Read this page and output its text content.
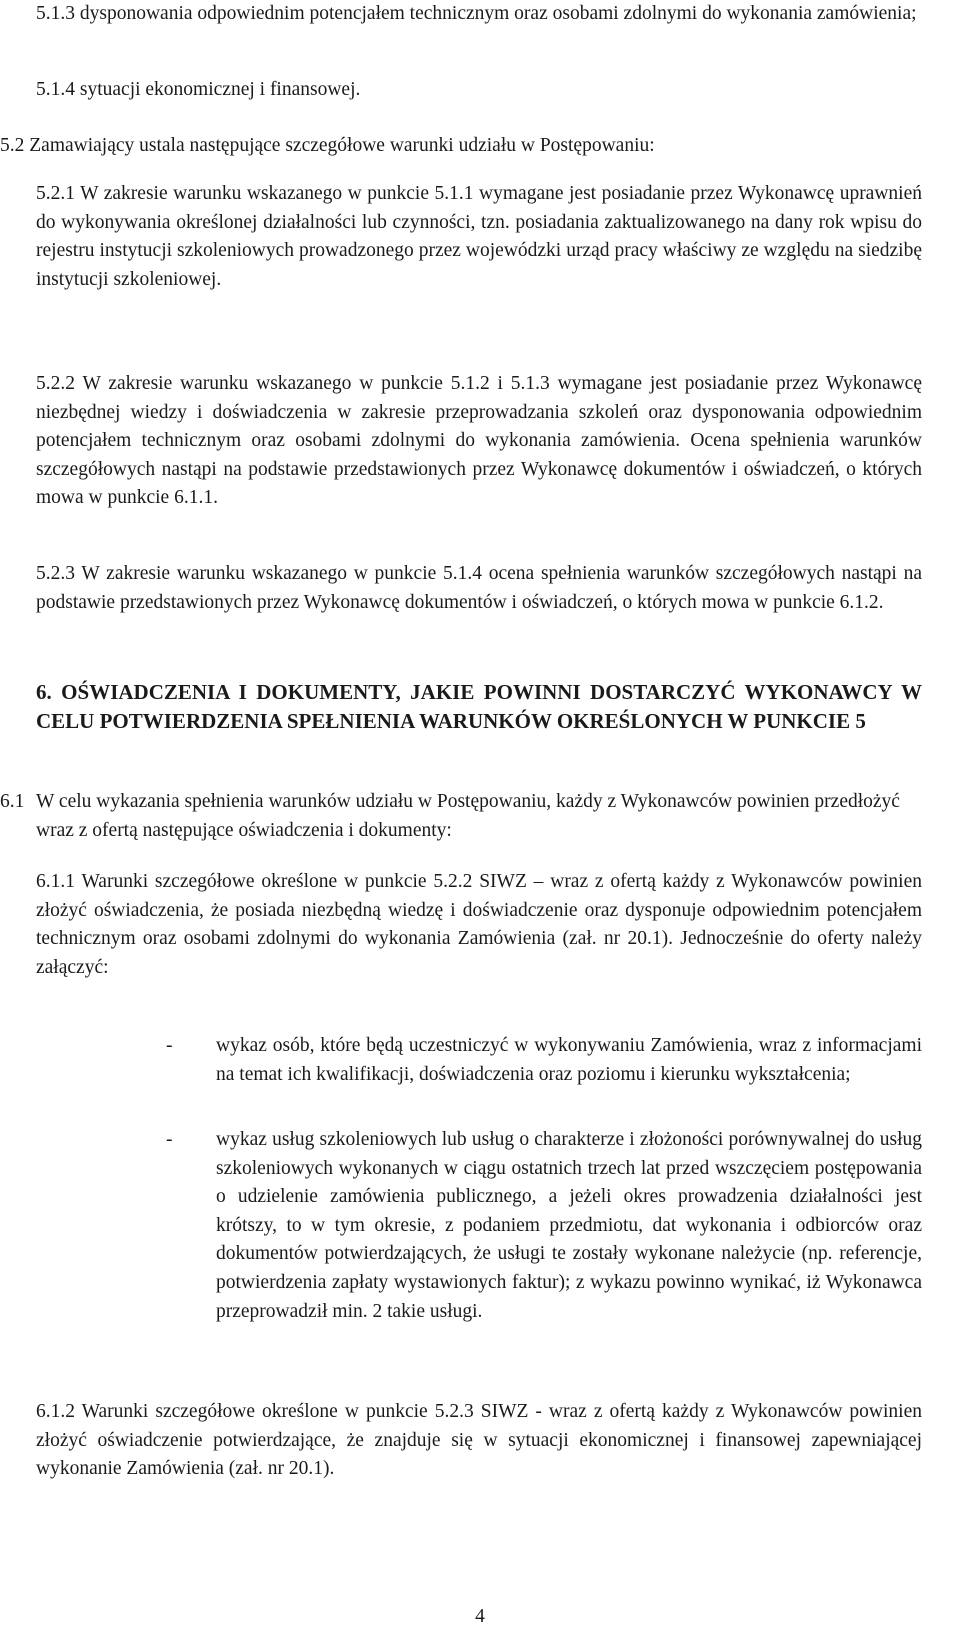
5.1.3 dysponowania odpowiednim potencjałem technicznym oraz osobami zdolnymi do wykonania zamówienia;

5.1.4 sytuacji ekonomicznej i finansowej.

5.2 Zamawiający ustala następujące szczegółowe warunki udziału w Postępowaniu:

5.2.1 W zakresie warunku wskazanego w punkcie 5.1.1 wymagane jest posiadanie przez Wykonawcę uprawnień do wykonywania określonej działalności lub czynności, tzn. posiadania zaktualizowanego na dany rok wpisu do rejestru instytucji szkoleniowych prowadzonego przez wojewódzki urząd pracy właściwy ze względu na siedzibę instytucji szkoleniowej.

5.2.2 W zakresie warunku wskazanego w punkcie 5.1.2 i 5.1.3 wymagane jest posiadanie przez Wykonawcę niezbędnej wiedzy i doświadczenia w zakresie przeprowadzania szkoleń oraz dysponowania odpowiednim potencjałem technicznym oraz osobami zdolnymi do wykonania zamówienia. Ocena spełnienia warunków szczegółowych nastąpi na podstawie przedstawionych przez Wykonawcę dokumentów i oświadczeń, o których mowa w punkcie 6.1.1.

5.2.3 W zakresie warunku wskazanego w punkcie 5.1.4 ocena spełnienia warunków szczegółowych nastąpi na podstawie przedstawionych przez Wykonawcę dokumentów i oświadczeń, o których mowa w punkcie 6.1.2.

6. OŚWIADCZENIA I DOKUMENTY, JAKIE POWINNI DOSTARCZYĆ WYKONAWCY W CELU POTWIERDZENIA SPEŁNIENIA WARUNKÓW OKREŚLONYCH W PUNKCIE 5

6.1 W celu wykazania spełnienia warunków udziału w Postępowaniu, każdy z Wykonawców powinien przedłożyć wraz z ofertą następujące oświadczenia i dokumenty:

6.1.1 Warunki szczegółowe określone w punkcie 5.2.2 SIWZ – wraz z ofertą każdy z Wykonawców powinien złożyć oświadczenia, że posiada niezbędną wiedzę i doświadczenie oraz dysponuje odpowiednim potencjałem technicznym oraz osobami zdolnymi do wykonania Zamówienia (zał. nr 20.1). Jednocześnie do oferty należy załączyć:

- wykaz osób, które będą uczestniczyć w wykonywaniu Zamówienia, wraz z informacjami na temat ich kwalifikacji, doświadczenia oraz poziomu i kierunku wykształcenia;

- wykaz usług szkoleniowych lub usług o charakterze i złożoności porównywalnej do usług szkoleniowych wykonanych w ciągu ostatnich trzech lat przed wszczęciem postępowania o udzielenie zamówienia publicznego, a jeżeli okres prowadzenia działalności jest krótszy, to w tym okresie, z podaniem przedmiotu, dat wykonania i odbiorców oraz dokumentów potwierdzających, że usługi te zostały wykonane należycie (np. referencje, potwierdzenia zapłaty wystawionych faktur); z wykazu powinno wynikać, iż Wykonawca przeprowadził min. 2 takie usługi.

6.1.2 Warunki szczegółowe określone w punkcie 5.2.3 SIWZ - wraz z ofertą każdy z Wykonawców powinien złożyć oświadczenie potwierdzające, że znajduje się w sytuacji ekonomicznej i finansowej zapewniającej wykonanie Zamówienia (zał. nr 20.1).

4
